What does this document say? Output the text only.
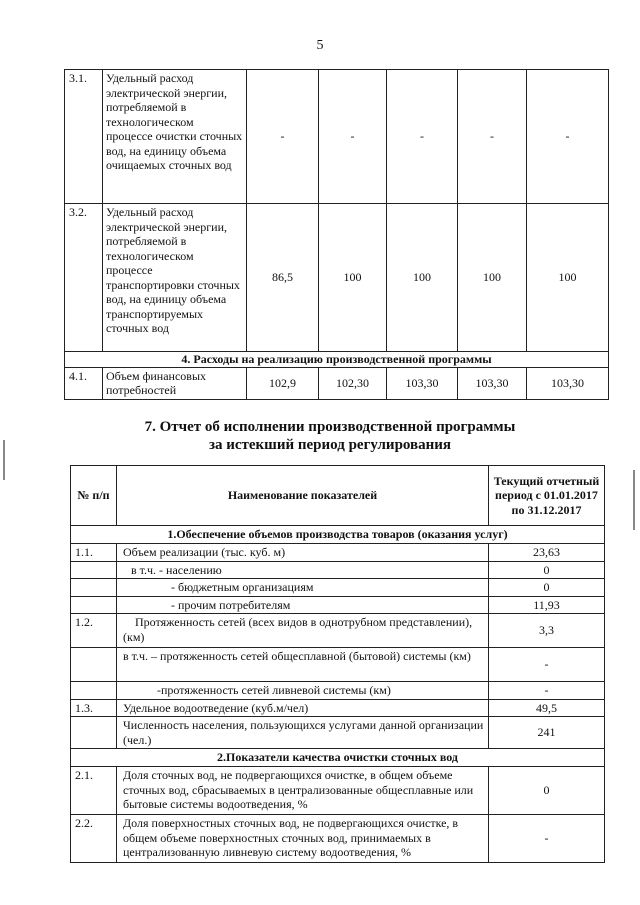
5
3.1.	Удельный расход электрической энергии, потребляемой в технологическом процессе очистки сточных вод, на единицу объема очищаемых сточных вод	-	-	-	-	-
3.2.	Удельный расход электрической энергии, потребляемой в технологическом процессе транспортировки сточных вод, на единицу объема транспортируемых сточных вод	86,5	100	100	100	100
4. Расходы на реализацию производственной программы						
4.1.	Объем финансовых потребностей	102,9	102,30	103,30	103,30	103,30
7. Отчет об исполнении производственной программы
за истекший период регулирования
№ п/п	Наименование показателей	Текущий отчетный период с 01.01.2017 по 31.12.2017
1.Обеспечение объемов производства товаров (оказания услуг)		
1.1.	Объем реализации (тыс. куб. м)	23,63
	в т.ч. - населению	0
	- бюджетным организациям	0
	- прочим потребителям	11,93
1.2.	Протяженность сетей (всех видов в однотрубном представлении), (км)	3,3
	в т.ч. – протяженность сетей общесплавной (бытовой) системы (км)	-
	-протяженность сетей ливневой системы (км)	-
1.3.	Удельное водоотведение (куб.м/чел)	49,5
	Численность населения, пользующихся услугами данной организации (чел.)	241
2.Показатели качества очистки сточных вод		
2.1.	Доля сточных вод, не подвергающихся очистке, в общем объеме сточных вод, сбрасываемых в централизованные общесплавные или бытовые системы водоотведения, %	0
2.2.	Доля поверхностных сточных вод, не подвергающихся очистке, в общем объеме поверхностных сточных вод, принимаемых в централизованную ливневую систему водоотведения, %	-
